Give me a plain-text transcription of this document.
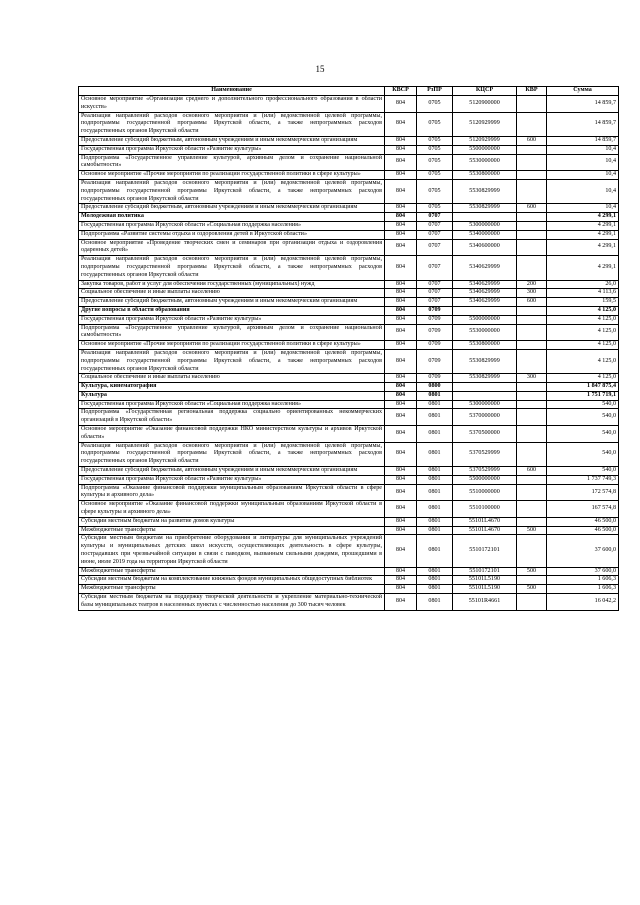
15
Наименование	КВСР	РзПР	КЦСР	КВР	Сумма
Основное мероприятие «Организация среднего и дополнительного профессионального образования в области искусств»	804	0705	5120900000		14 859,7
Реализация направлений расходов основного мероприятия и (или) ведомственной целевой программы, подпрограммы государственной программы Иркутской области, а также непрограммных расходов государственных органов Иркутской области	804	0705	5120929999		14 859,7
Предоставление субсидий бюджетным, автономным учреждениям и иным некоммерческим организациям	804	0705	5120929999	600	14 859,7
Государственная программа Иркутской области «Развитие культуры»	804	0705	5500000000		10,4
Подпрограмма «Государственное управление культурой, архивным делом и сохранение национальной самобытности»	804	0705	5530000000		10,4
Основное мероприятие «Прочие мероприятия по реализации государственной политики в сфере культуры»	804	0705	5530800000		10,4
Реализация направлений расходов основного мероприятия и (или) ведомственной целевой программы, подпрограммы государственной программы Иркутской области, а также непрограммных расходов государственных органов Иркутской области	804	0705	5530829999		10,4
Предоставление субсидий бюджетным, автономным учреждениям и иным некоммерческим организациям	804	0705	5530829999	600	10,4
Молодежная политика	804	0707			4 299,1
Государственная программа Иркутской области «Социальная поддержка населения»	804	0707	5300000000		4 299,1
Подпрограмма «Развитие системы отдыха и оздоровления детей в Иркутской области»	804	0707	5340000000		4 299,1
Основное мероприятие «Проведение творческих смен и семинаров при организации отдыха и оздоровления одаренных детей»	804	0707	5340600000		4 299,1
Реализация направлений расходов основного мероприятия и (или) ведомственной целевой программы, подпрограммы государственной программы Иркутской области, а также непрограммных расходов государственных органов Иркутской области	804	0707	5340629999		4 299,1
Закупка товаров, работ и услуг для обеспечения государственных (муниципальных) нужд	804	0707	5340629999	200	26,0
Социальное обеспечение и иные выплаты населению	804	0707	5340629999	300	4 113,6
Предоставление субсидий бюджетным, автономным учреждениям и иным некоммерческим организациям	804	0707	5340629999	600	159,5
Другие вопросы в области образования	804	0709			4 125,0
Государственная программа Иркутской области «Развитие культуры»	804	0709	5500000000		4 125,0
Подпрограмма «Государственное управление культурой, архивным делом и сохранение национальной самобытности»	804	0709	5530000000		4 125,0
Основное мероприятие «Прочие мероприятия по реализации государственной политики в сфере культуры»	804	0709	5530800000		4 125,0
Реализация направлений расходов основного мероприятия и (или) ведомственной целевой программы, подпрограммы государственной программы Иркутской области, а также непрограммных расходов государственных органов Иркутской области	804	0709	5530829999		4 125,0
Социальное обеспечение и иные выплаты населению	804	0709	5530829999	300	4 125,0
Культура, кинематография	804	0800			1 847 875,4
Культура	804	0801			1 751 719,1
Государственная программа Иркутской области «Социальная поддержка населения»	804	0801	5300000000		540,0
Подпрограмма «Государственная региональная поддержка социально ориентированных некоммерческих организаций в Иркутской области»	804	0801	5370000000		540,0
Основное мероприятие «Оказание финансовой поддержки НКО министерством культуры и архивов Иркутской области»	804	0801	5370500000		540,0
Реализация направлений расходов основного мероприятия и (или) ведомственной целевой программы, подпрограммы государственной программы Иркутской области, а также непрограммных расходов государственных органов Иркутской области	804	0801	5370529999		540,0
Предоставление субсидий бюджетным, автономным учреждениям и иным некоммерческим организациям	804	0801	5370529999	600	540,0
Государственная программа Иркутской области «Развитие культуры»	804	0801	5500000000		1 737 749,3
Подпрограмма «Оказание финансовой поддержки муниципальным образованиям Иркутской области в сфере культуры и архивного дела»	804	0801	5510000000		172 574,8
Основное мероприятие «Оказание финансовой поддержки муниципальным образованиям Иркутской области в сфере культуры и архивного дела»	804	0801	5510100000		167 574,8
Субсидии местным бюджетам на развитие домов культуры	804	0801	55101L4670		46 500,0
Межбюджетные трансферты	804	0801	55101L4670	500	46 500,0
Субсидии местным бюджетам на приобретение оборудования и литературы для муниципальных учреждений культуры и муниципальных детских школ искусств, осуществляющих деятельность в сфере культуры, пострадавших при чрезвычайной ситуации в связи с паводком, вызванным сильными дождями, прошедшими в июне, июле 2019 года на территории Иркутской области	804	0801	5510172101		37 600,0
Межбюджетные трансферты	804	0801	5510172101	500	37 600,0
Субсидии местным бюджетам на комплектование книжных фондов муниципальных общедоступных библиотек	804	0801	55101L5190		1 606,3
Межбюджетные трансферты	804	0801	55101L5190	500	1 606,3
Субсидии местным бюджетам на поддержку творческой деятельности и укрепление материально-технической базы муниципальных театров в населенных пунктах с численностью населения до 300 тысяч человек	804	0801	55101R4661		16 042,2
